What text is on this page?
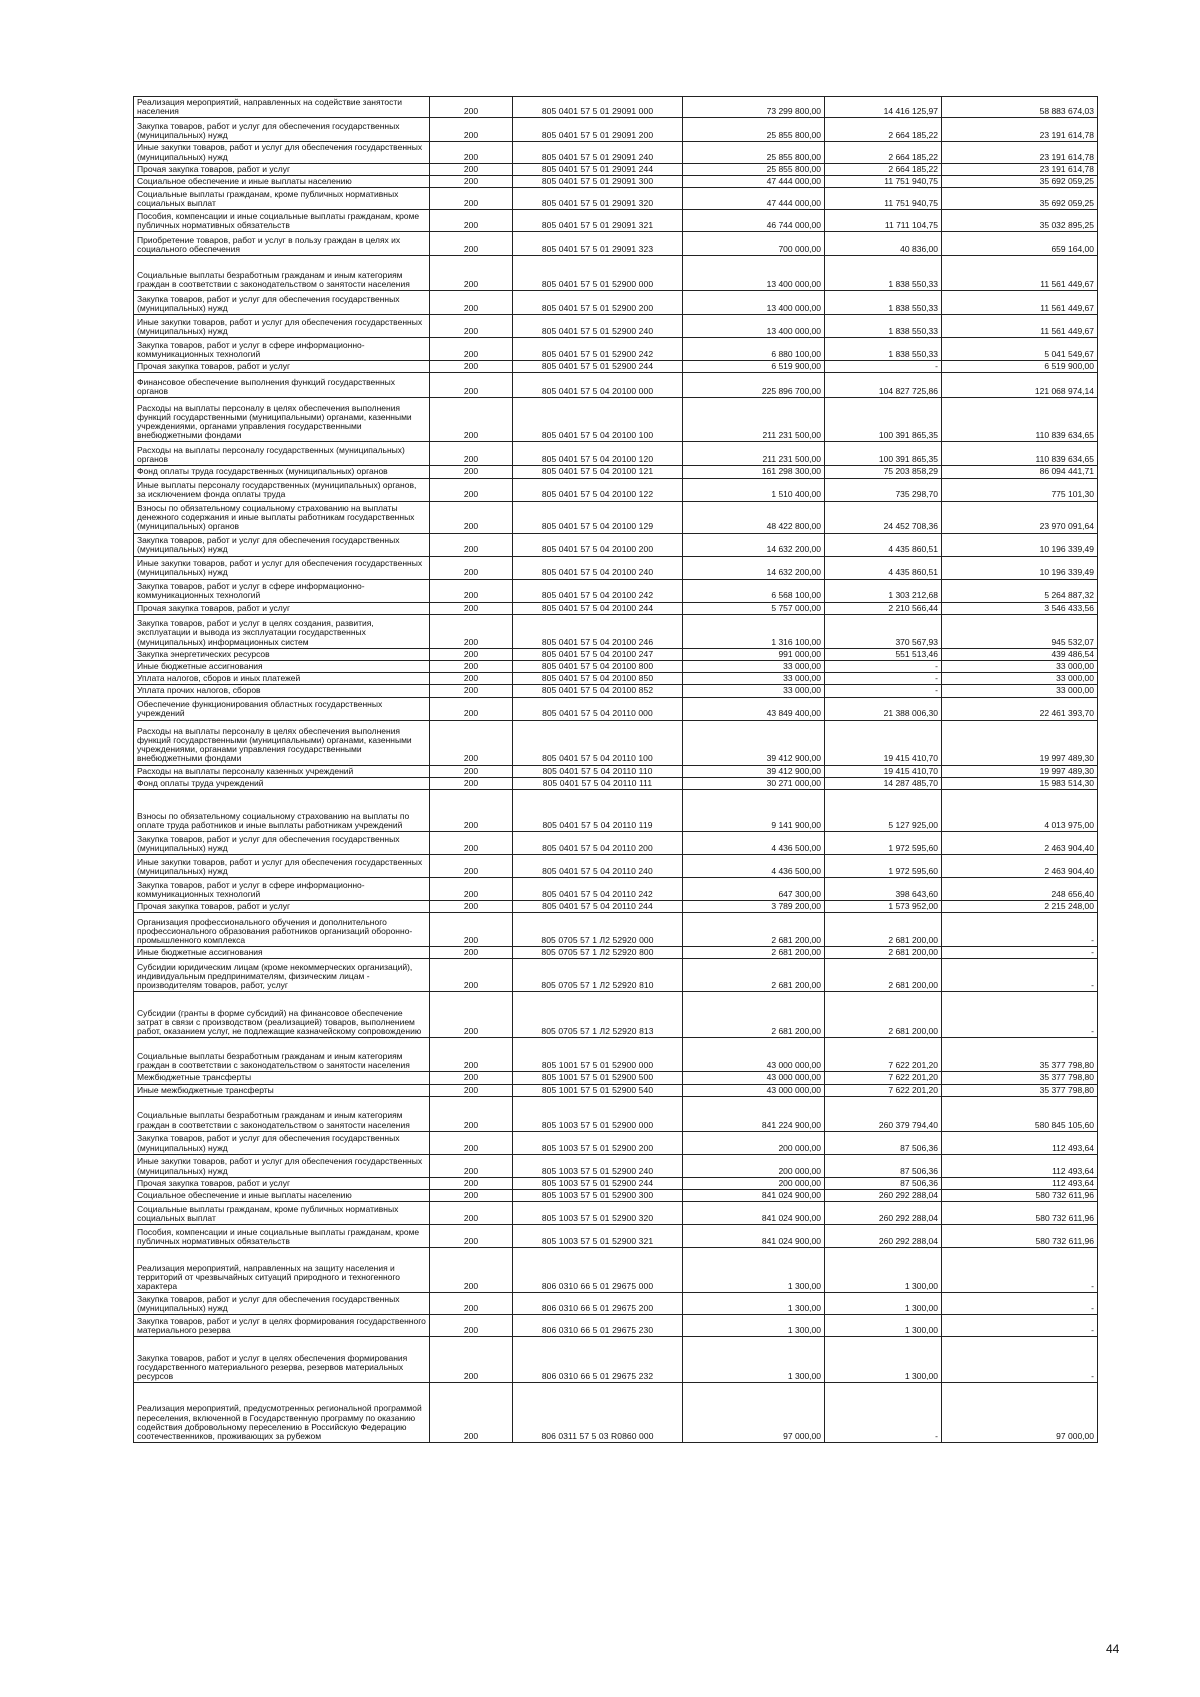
Реализация мероприятий, направленных на содействие занятости населения	200	805 0401 57 5 01 29091 000	73 299 800,00	14 416 125,97	58 883 674,03
Закупка товаров, работ и услуг для обеспечения государственных (муниципальных) нужд	200	805 0401 57 5 01 29091 200	25 855 800,00	2 664 185,22	23 191 614,78
Иные закупки товаров, работ и услуг для обеспечения государственных (муниципальных) нужд	200	805 0401 57 5 01 29091 240	25 855 800,00	2 664 185,22	23 191 614,78
Прочая закупка товаров, работ и услуг	200	805 0401 57 5 01 29091 244	25 855 800,00	2 664 185,22	23 191 614,78
Социальное обеспечение и иные выплаты населению	200	805 0401 57 5 01 29091 300	47 444 000,00	11 751 940,75	35 692 059,25
Социальные выплаты гражданам, кроме публичных нормативных социальных выплат	200	805 0401 57 5 01 29091 320	47 444 000,00	11 751 940,75	35 692 059,25
Пособия, компенсации и иные социальные выплаты гражданам, кроме публичных нормативных обязательств	200	805 0401 57 5 01 29091 321	46 744 000,00	11 711 104,75	35 032 895,25
Приобретение товаров, работ и услуг в пользу граждан в целях их социального обеспечения	200	805 0401 57 5 01 29091 323	700 000,00	40 836,00	659 164,00
Социальные выплаты безработным гражданам и иным категориям граждан в соответствии с законодательством о занятости населения	200	805 0401 57 5 01 52900 000	13 400 000,00	1 838 550,33	11 561 449,67
Закупка товаров, работ и услуг для обеспечения государственных (муниципальных) нужд	200	805 0401 57 5 01 52900 200	13 400 000,00	1 838 550,33	11 561 449,67
Иные закупки товаров, работ и услуг для обеспечения государственных (муниципальных) нужд	200	805 0401 57 5 01 52900 240	13 400 000,00	1 838 550,33	11 561 449,67
Закупка товаров, работ и услуг в сфере информационно-коммуникационных технологий	200	805 0401 57 5 01 52900 242	6 880 100,00	1 838 550,33	5 041 549,67
Прочая закупка товаров, работ и услуг	200	805 0401 57 5 01 52900 244	6 519 900,00	-	6 519 900,00
Финансовое обеспечение выполнения функций государственных органов	200	805 0401 57 5 04 20100 000	225 896 700,00	104 827 725,86	121 068 974,14
Расходы на выплаты персоналу в целях обеспечения выполнения функций государственными (муниципальными) органами, казенными учреждениями, органами управления государственными внебюджетными фондами	200	805 0401 57 5 04 20100 100	211 231 500,00	100 391 865,35	110 839 634,65
Расходы на выплаты персоналу государственных (муниципальных) органов	200	805 0401 57 5 04 20100 120	211 231 500,00	100 391 865,35	110 839 634,65
Фонд оплаты труда государственных (муниципальных) органов	200	805 0401 57 5 04 20100 121	161 298 300,00	75 203 858,29	86 094 441,71
Иные выплаты персоналу государственных (муниципальных) органов, за исключением фонда оплаты труда	200	805 0401 57 5 04 20100 122	1 510 400,00	735 298,70	775 101,30
Взносы по обязательному социальному страхованию на выплаты денежного содержания и иные выплаты работникам государственных (муниципальных) органов	200	805 0401 57 5 04 20100 129	48 422 800,00	24 452 708,36	23 970 091,64
Закупка товаров, работ и услуг для обеспечения государственных (муниципальных) нужд	200	805 0401 57 5 04 20100 200	14 632 200,00	4 435 860,51	10 196 339,49
Иные закупки товаров, работ и услуг для обеспечения государственных (муниципальных) нужд	200	805 0401 57 5 04 20100 240	14 632 200,00	4 435 860,51	10 196 339,49
Закупка товаров, работ и услуг в сфере информационно-коммуникационных технологий	200	805 0401 57 5 04 20100 242	6 568 100,00	1 303 212,68	5 264 887,32
Прочая закупка товаров, работ и услуг	200	805 0401 57 5 04 20100 244	5 757 000,00	2 210 566,44	3 546 433,56
Закупка товаров, работ и услуг в целях создания, развития, эксплуатации и вывода из эксплуатации государственных (муниципальных) информационных систем	200	805 0401 57 5 04 20100 246	1 316 100,00	370 567,93	945 532,07
Закупка энергетических ресурсов	200	805 0401 57 5 04 20100 247	991 000,00	551 513,46	439 486,54
Иные бюджетные ассигнования	200	805 0401 57 5 04 20100 800	33 000,00	-	33 000,00
Уплата налогов, сборов и иных платежей	200	805 0401 57 5 04 20100 850	33 000,00	-	33 000,00
Уплата прочих налогов, сборов	200	805 0401 57 5 04 20100 852	33 000,00	-	33 000,00
Обеспечение функционирования областных государственных учреждений	200	805 0401 57 5 04 20110 000	43 849 400,00	21 388 006,30	22 461 393,70
Расходы на выплаты персоналу в целях обеспечения выполнения функций государственными (муниципальными) органами, казенными учреждениями, органами управления государственными внебюджетными фондами	200	805 0401 57 5 04 20110 100	39 412 900,00	19 415 410,70	19 997 489,30
Расходы на выплаты персоналу казенных учреждений	200	805 0401 57 5 04 20110 110	39 412 900,00	19 415 410,70	19 997 489,30
Фонд оплаты труда учреждений	200	805 0401 57 5 04 20110 111	30 271 000,00	14 287 485,70	15 983 514,30
Взносы по обязательному социальному страхованию на выплаты по оплате труда работников и иные выплаты работникам учреждений	200	805 0401 57 5 04 20110 119	9 141 900,00	5 127 925,00	4 013 975,00
Закупка товаров, работ и услуг для обеспечения государственных (муниципальных) нужд	200	805 0401 57 5 04 20110 200	4 436 500,00	1 972 595,60	2 463 904,40
Иные закупки товаров, работ и услуг для обеспечения государственных (муниципальных) нужд	200	805 0401 57 5 04 20110 240	4 436 500,00	1 972 595,60	2 463 904,40
Закупка товаров, работ и услуг в сфере информационно-коммуникационных технологий	200	805 0401 57 5 04 20110 242	647 300,00	398 643,60	248 656,40
Прочая закупка товаров, работ и услуг	200	805 0401 57 5 04 20110 244	3 789 200,00	1 573 952,00	2 215 248,00
Организация профессионального обучения и дополнительного профессионального образования работников организаций оборонно-промышленного комплекса	200	805 0705 57 1 Л2 52920 000	2 681 200,00	2 681 200,00	-
Иные бюджетные ассигнования	200	805 0705 57 1 Л2 52920 800	2 681 200,00	2 681 200,00	-
Субсидии юридическим лицам (кроме некоммерческих организаций), индивидуальным предпринимателям, физическим лицам - производителям товаров, работ, услуг	200	805 0705 57 1 Л2 52920 810	2 681 200,00	2 681 200,00	-
Субсидии (гранты в форме субсидий) на финансовое обеспечение затрат в связи с производством (реализацией) товаров, выполнением работ, оказанием услуг, не подлежащие казначейскому сопровождению	200	805 0705 57 1 Л2 52920 813	2 681 200,00	2 681 200,00	-
Социальные выплаты безработным гражданам и иным категориям граждан в соответствии с законодательством о занятости населения	200	805 1001 57 5 01 52900 000	43 000 000,00	7 622 201,20	35 377 798,80
Межбюджетные трансферты	200	805 1001 57 5 01 52900 500	43 000 000,00	7 622 201,20	35 377 798,80
Иные межбюджетные трансферты	200	805 1001 57 5 01 52900 540	43 000 000,00	7 622 201,20	35 377 798,80
Социальные выплаты безработным гражданам и иным категориям граждан в соответствии с законодательством о занятости населения	200	805 1003 57 5 01 52900 000	841 224 900,00	260 379 794,40	580 845 105,60
Закупка товаров, работ и услуг для обеспечения государственных (муниципальных) нужд	200	805 1003 57 5 01 52900 200	200 000,00	87 506,36	112 493,64
Иные закупки товаров, работ и услуг для обеспечения государственных (муниципальных) нужд	200	805 1003 57 5 01 52900 240	200 000,00	87 506,36	112 493,64
Прочая закупка товаров, работ и услуг	200	805 1003 57 5 01 52900 244	200 000,00	87 506,36	112 493,64
Социальное обеспечение и иные выплаты населению	200	805 1003 57 5 01 52900 300	841 024 900,00	260 292 288,04	580 732 611,96
Социальные выплаты гражданам, кроме публичных нормативных социальных выплат	200	805 1003 57 5 01 52900 320	841 024 900,00	260 292 288,04	580 732 611,96
Пособия, компенсации и иные социальные выплаты гражданам, кроме публичных нормативных обязательств	200	805 1003 57 5 01 52900 321	841 024 900,00	260 292 288,04	580 732 611,96
Реализация мероприятий, направленных на защиту населения и территорий от чрезвычайных ситуаций природного и техногенного характера	200	806 0310 66 5 01 29675 000	1 300,00	1 300,00	-
Закупка товаров, работ и услуг для обеспечения государственных (муниципальных) нужд	200	806 0310 66 5 01 29675 200	1 300,00	1 300,00	-
Закупка товаров, работ и услуг в целях формирования государственного материального резерва	200	806 0310 66 5 01 29675 230	1 300,00	1 300,00	-
Закупка товаров, работ и услуг в целях обеспечения формирования государственного материального резерва, резервов материальных ресурсов	200	806 0310 66 5 01 29675 232	1 300,00	1 300,00	-
Реализация мероприятий, предусмотренных региональной программой переселения, включенной в Государственную программу по оказанию содействия добровольному переселению в Российскую Федерацию соотечественников, проживающих за рубежом	200	806 0311 57 5 03 R0860 000	97 000,00	-	97 000,00
44
